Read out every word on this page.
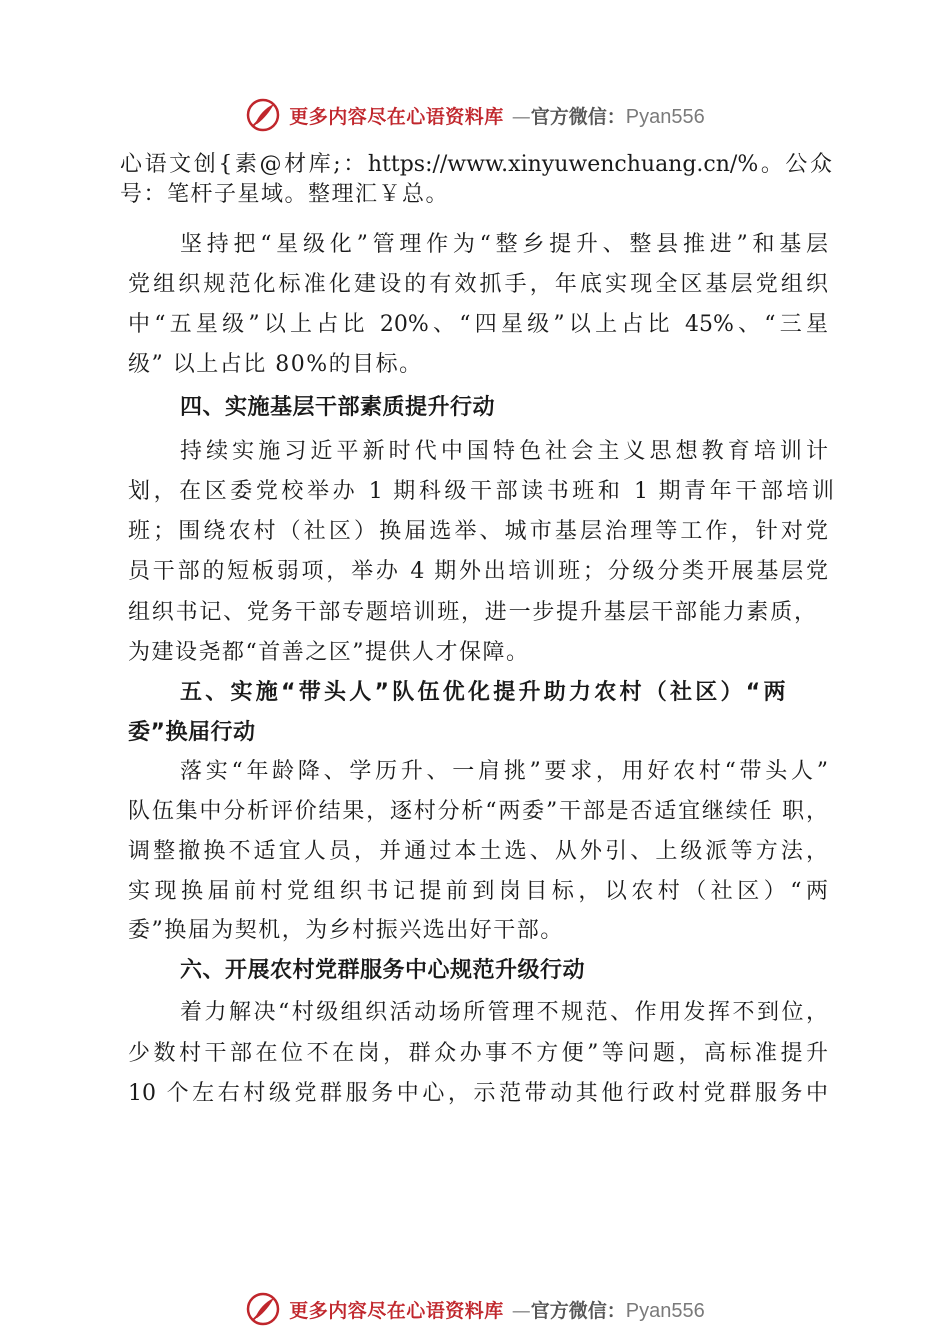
更多内容尽在心语资料库 —官方微信：Pyan556
心语文创{素@材库;：https://www.xinyuwenchuang.cn/%。公众
号：笔杆子星域。整理汇￥总。
坚持把“星级化”管理作为“整乡提升、整县推进”和基层
党组织规范化标准化建设的有效抓手，年底实现全区基层党组织
中“五星级”以上占比 20%、“四星级”以上占比 45%、“三星
级” 以上占比 80%的目标。
四、实施基层干部素质提升行动
持续实施习近平新时代中国特色社会主义思想教育培训计
划，在区委党校举办 1 期科级干部读书班和 1 期青年干部培训
班；围绕农村（社区）换届选举、城市基层治理等工作，针对党
员干部的短板弱项，举办 4 期外出培训班；分级分类开展基层党
组织书记、党务干部专题培训班，进一步提升基层干部能力素质，
为建设尧都“首善之区”提供人才保障。
五、实施“带头人”队伍优化提升助力农村（社区）“两
委”换届行动
落实“年龄降、学历升、一肩挑”要求，用好农村“带头人”
队伍集中分析评价结果，逐村分析“两委”干部是否适宜继续任 职，
调整撤换不适宜人员，并通过本土选、从外引、上级派等方法，
实现换届前村党组织书记提前到岗目标，以农村（社区）“两
委”换届为契机，为乡村振兴选出好干部。
六、开展农村党群服务中心规范升级行动
着力解决“村级组织活动场所管理不规范、作用发挥不到位，
少数村干部在位不在岗，群众办事不方便”等问题，高标准提升
10 个左右村级党群服务中心，示范带动其他行政村党群服务中
更多内容尽在心语资料库 —官方微信：Pyan556
